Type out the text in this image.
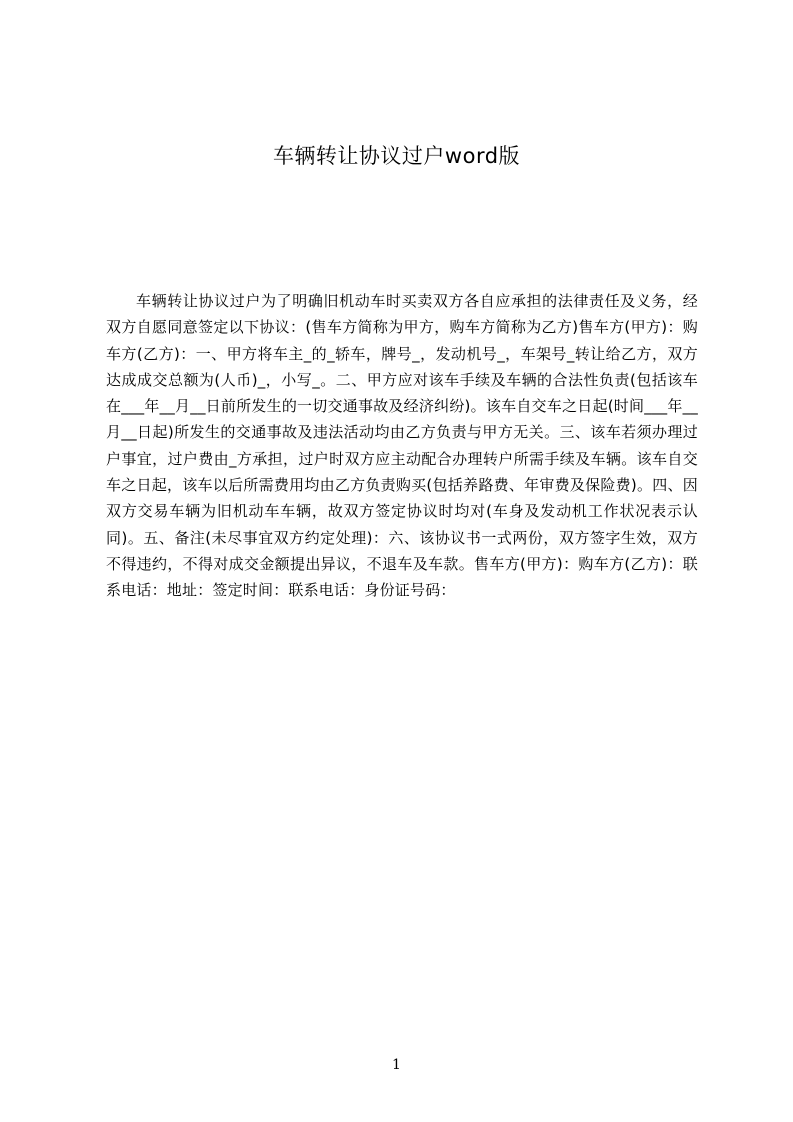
车辆转让协议过户word版

车辆转让协议过户为了明确旧机动车时买卖双方各自应承担的法律责任及义务，经双方自愿同意签定以下协议：(售车方简称为甲方，购车方简称为乙方)售车方(甲方)：购车方(乙方)：一、甲方将车主_的_轿车，牌号_，发动机号_，车架号_转让给乙方，双方达成成交总额为(人币)_，小写_。二、甲方应对该车手续及车辆的合法性负责(包括该车在___年__月__日前所发生的一切交通事故及经济纠纷)。该车自交车之日起(时间___年__月__日起)所发生的交通事故及违法活动均由乙方负责与甲方无关。三、该车若须办理过户事宜，过户费由_方承担，过户时双方应主动配合办理转户所需手续及车辆。该车自交车之日起，该车以后所需费用均由乙方负责购买(包括养路费、年审费及保险费)。四、因双方交易车辆为旧机动车车辆，故双方签定协议时均对(车身及发动机工作状况表示认同)。五、备注(未尽事宜双方约定处理)：六、该协议书一式两份，双方签字生效，双方不得违约，不得对成交金额提出异议，不退车及车款。售车方(甲方)：购车方(乙方)：联系电话：地址：签定时间：联系电话：身份证号码：

1
